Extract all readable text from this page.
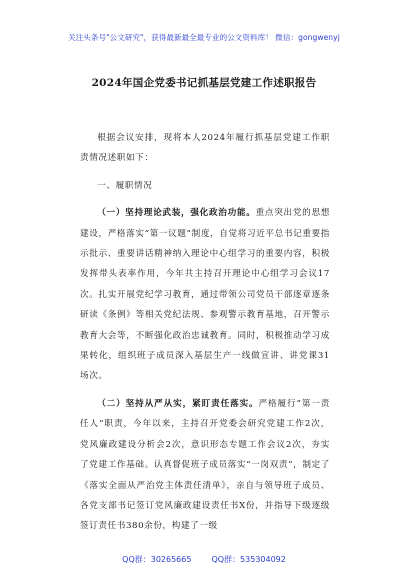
关注头条号"公文研究"，获得最新最全最专业的公文资料库！ 微信：gongwenyj
2024年国企党委书记抓基层党建工作述职报告

根据会议安排，现将本人2024年履行抓基层党建工作职责情况述职如下：

一、履职情况

（一）坚持理论武装，强化政治功能。重点突出党的思想建设，严格落实“第一议题”制度，自觉将习近平总书记重要指示批示、重要讲话精神纳入理论中心组学习的重要内容，积极发挥带头表率作用，今年共主持召开理论中心组学习会议17次。扎实开展党纪学习教育，通过带领公司党员干部逐章逐条研读《条例》等相关党纪法规、参观警示教育基地，召开警示教育大会等，不断强化政治忠诚教育。同时，积极推动学习成果转化，组织班子成员深入基层生产一线做宣讲、讲党课31场次。

（二）坚持从严从实，紧盯责任落实。严格履行“第一责任人”职责，今年以来，主持召开党委会研究党建工作2次，党风廉政建设分析会2次，意识形态专题工作会议2次，夯实了党建工作基础。认真督促班子成员落实“一岗双责”，制定了《落实全面从严治党主体责任清单》，亲自与领导班子成员、各党支部书记签订党风廉政建设责任书X份，并指导下级逐级签订责任书380余份，构建了一级

QQ群：30265665	QQ群：535304092
